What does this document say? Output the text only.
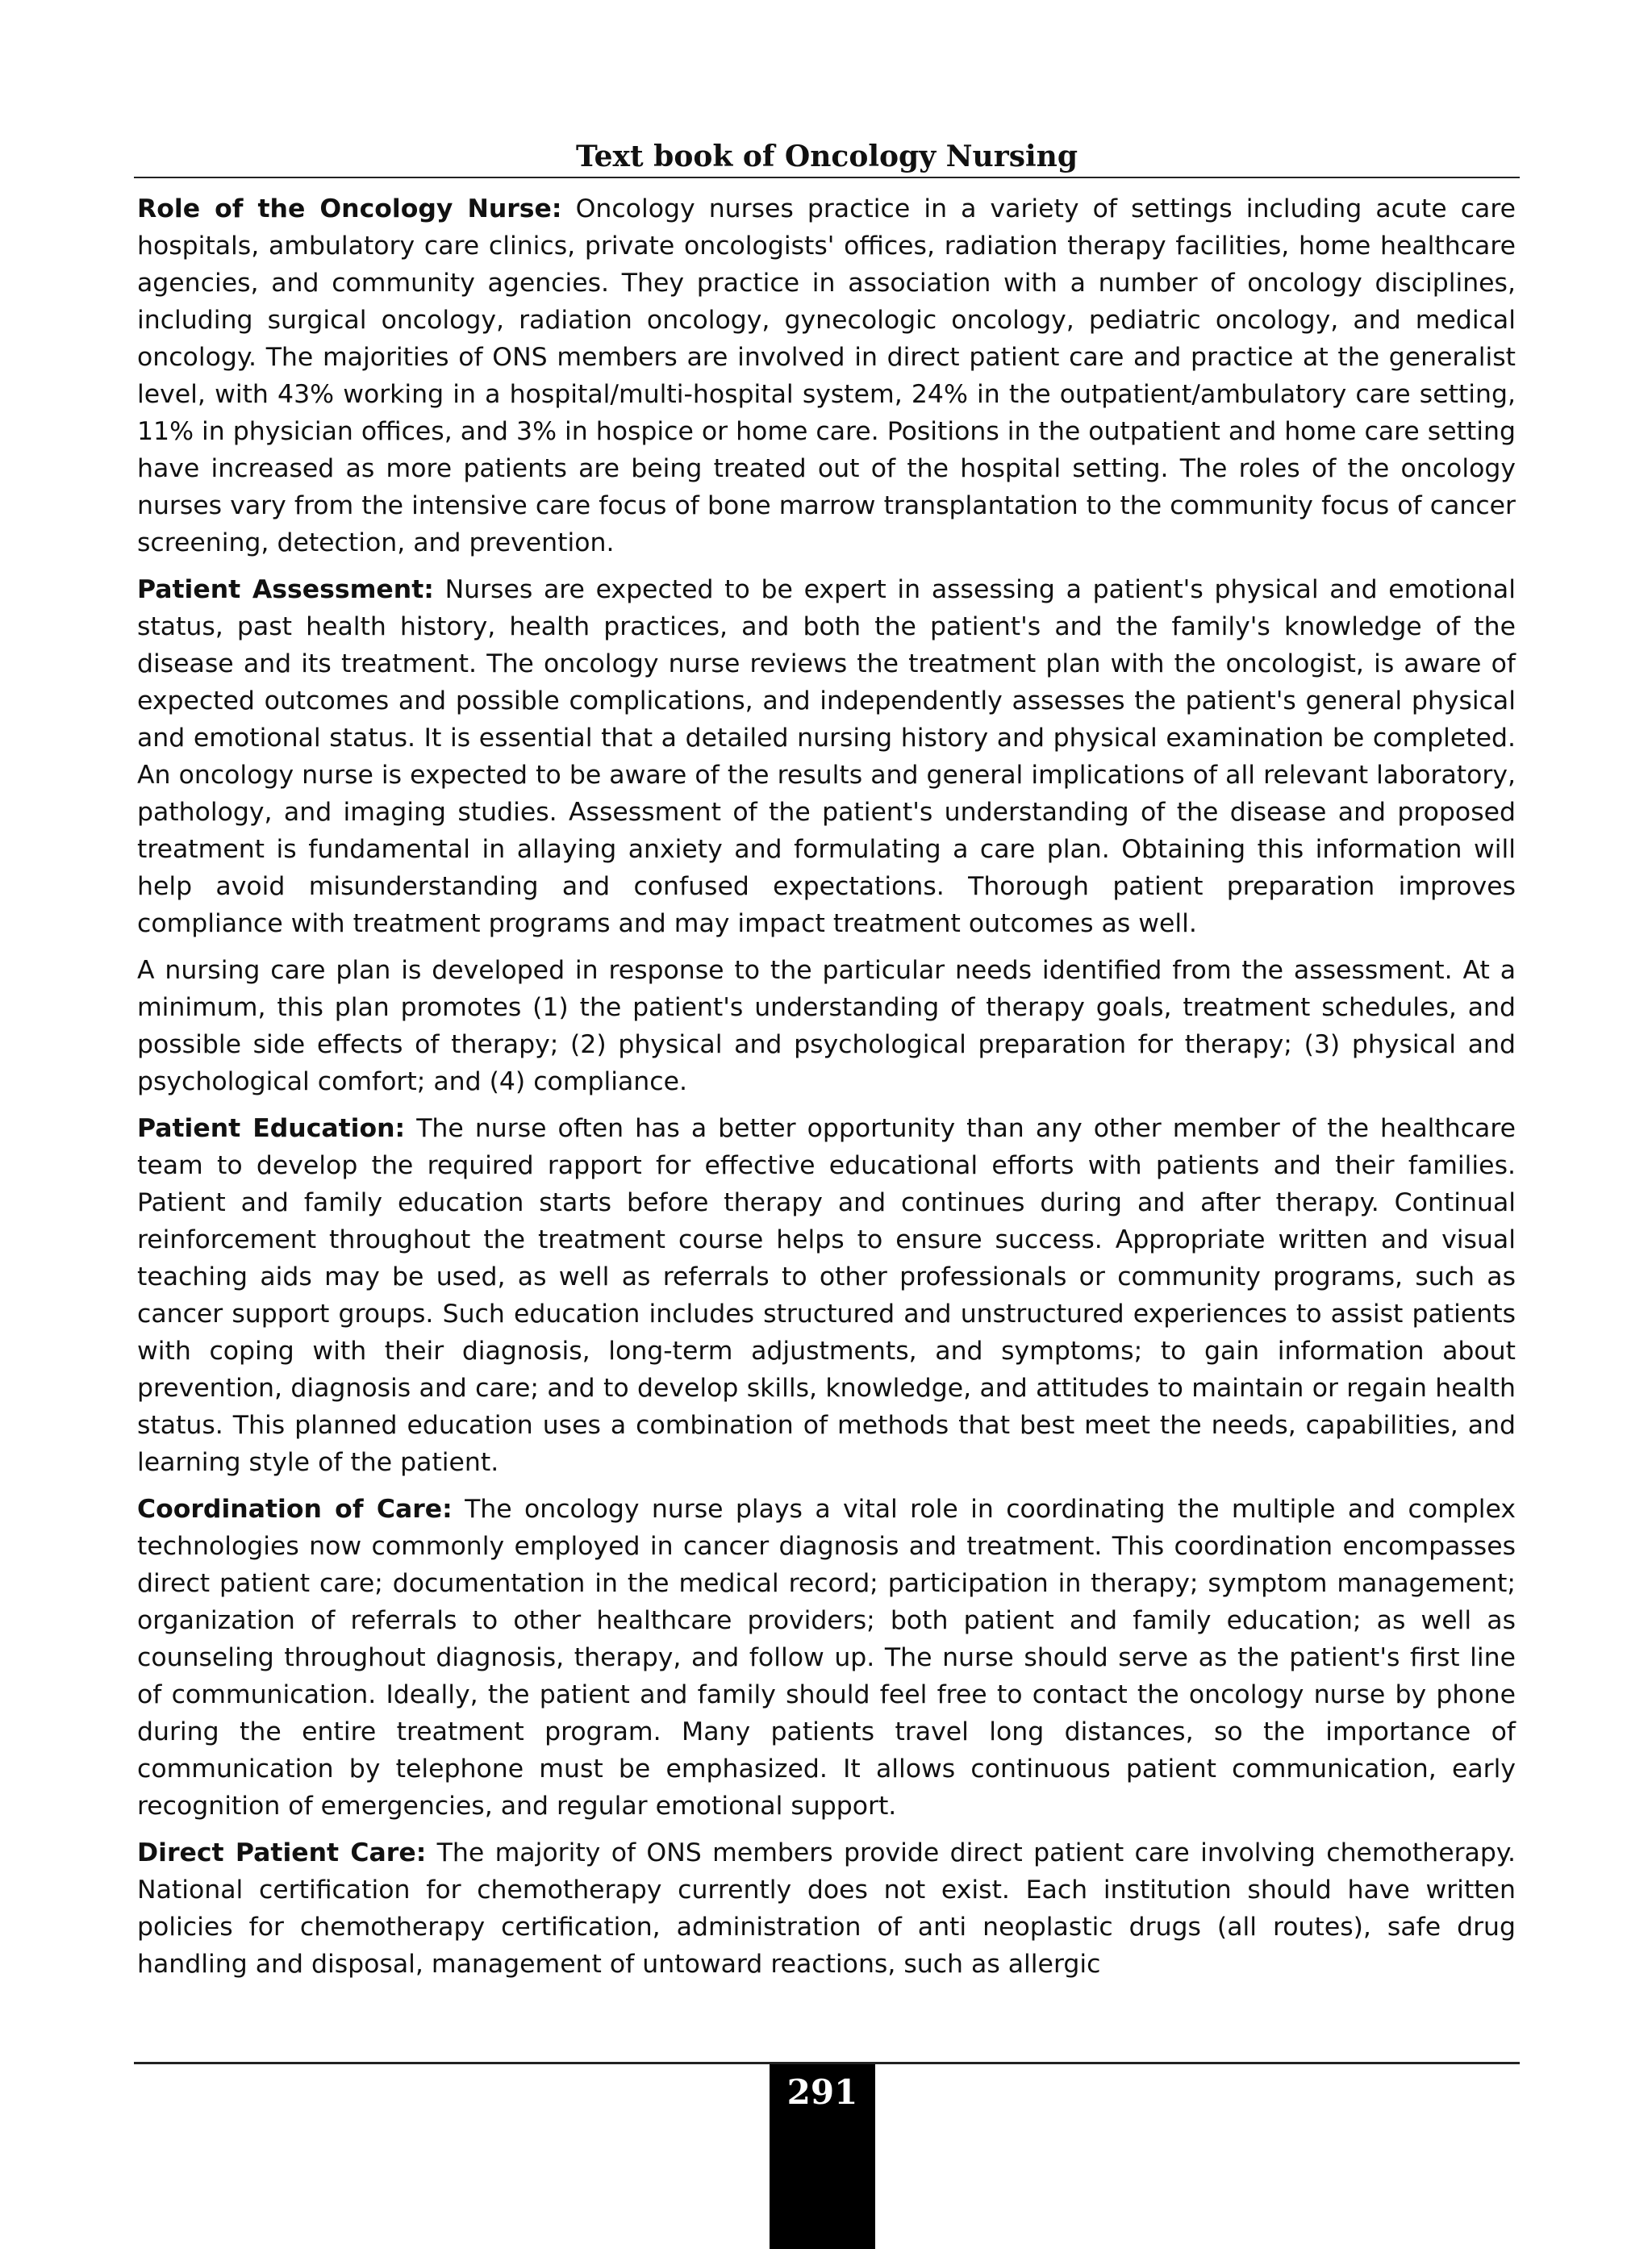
Text book of Oncology Nursing

Role of the Oncology Nurse: Oncology nurses practice in a variety of settings including acute care hospitals, ambulatory care clinics, private oncologists' offices, radiation therapy facilities, home healthcare agencies, and community agencies. They practice in association with a number of oncology disciplines, including surgical oncology, radiation oncology, gynecologic oncology, pediatric oncology, and medical oncology. The majorities of ONS members are involved in direct patient care and practice at the generalist level, with 43% working in a hospital/multi-hospital system, 24% in the outpatient/ambulatory care setting, 11% in physician offices, and 3% in hospice or home care. Positions in the outpatient and home care setting have increased as more patients are being treated out of the hospital setting. The roles of the oncology nurses vary from the intensive care focus of bone marrow transplantation to the community focus of cancer screening, detection, and prevention.

Patient Assessment: Nurses are expected to be expert in assessing a patient's physical and emotional status, past health history, health practices, and both the patient's and the family's knowledge of the disease and its treatment. The oncology nurse reviews the treatment plan with the oncologist, is aware of expected outcomes and possible complications, and independently assesses the patient's general physical and emotional status. It is essential that a detailed nursing history and physical examination be completed. An oncology nurse is expected to be aware of the results and general implications of all relevant laboratory, pathology, and imaging studies. Assessment of the patient's understanding of the disease and proposed treatment is fundamental in allaying anxiety and formulating a care plan. Obtaining this information will help avoid misunderstanding and confused expectations. Thorough patient preparation improves compliance with treatment programs and may impact treatment outcomes as well.

A nursing care plan is developed in response to the particular needs identified from the assessment. At a minimum, this plan promotes (1) the patient's understanding of therapy goals, treatment schedules, and possible side effects of therapy; (2) physical and psychological preparation for therapy; (3) physical and psychological comfort; and (4) compliance.

Patient Education: The nurse often has a better opportunity than any other member of the healthcare team to develop the required rapport for effective educational efforts with patients and their families. Patient and family education starts before therapy and continues during and after therapy. Continual reinforcement throughout the treatment course helps to ensure success. Appropriate written and visual teaching aids may be used, as well as referrals to other professionals or community programs, such as cancer support groups. Such education includes structured and unstructured experiences to assist patients with coping with their diagnosis, long-term adjustments, and symptoms; to gain information about prevention, diagnosis and care; and to develop skills, knowledge, and attitudes to maintain or regain health status. This planned education uses a combination of methods that best meet the needs, capabilities, and learning style of the patient.

Coordination of Care: The oncology nurse plays a vital role in coordinating the multiple and complex technologies now commonly employed in cancer diagnosis and treatment. This coordination encompasses direct patient care; documentation in the medical record; participation in therapy; symptom management; organization of referrals to other healthcare providers; both patient and family education; as well as counseling throughout diagnosis, therapy, and follow up. The nurse should serve as the patient's first line of communication. Ideally, the patient and family should feel free to contact the oncology nurse by phone during the entire treatment program. Many patients travel long distances, so the importance of communication by telephone must be emphasized. It allows continuous patient communication, early recognition of emergencies, and regular emotional support.

Direct Patient Care: The majority of ONS members provide direct patient care involving chemotherapy. National certification for chemotherapy currently does not exist. Each institution should have written policies for chemotherapy certification, administration of anti neoplastic drugs (all routes), safe drug handling and disposal, management of untoward reactions, such as allergic

291
